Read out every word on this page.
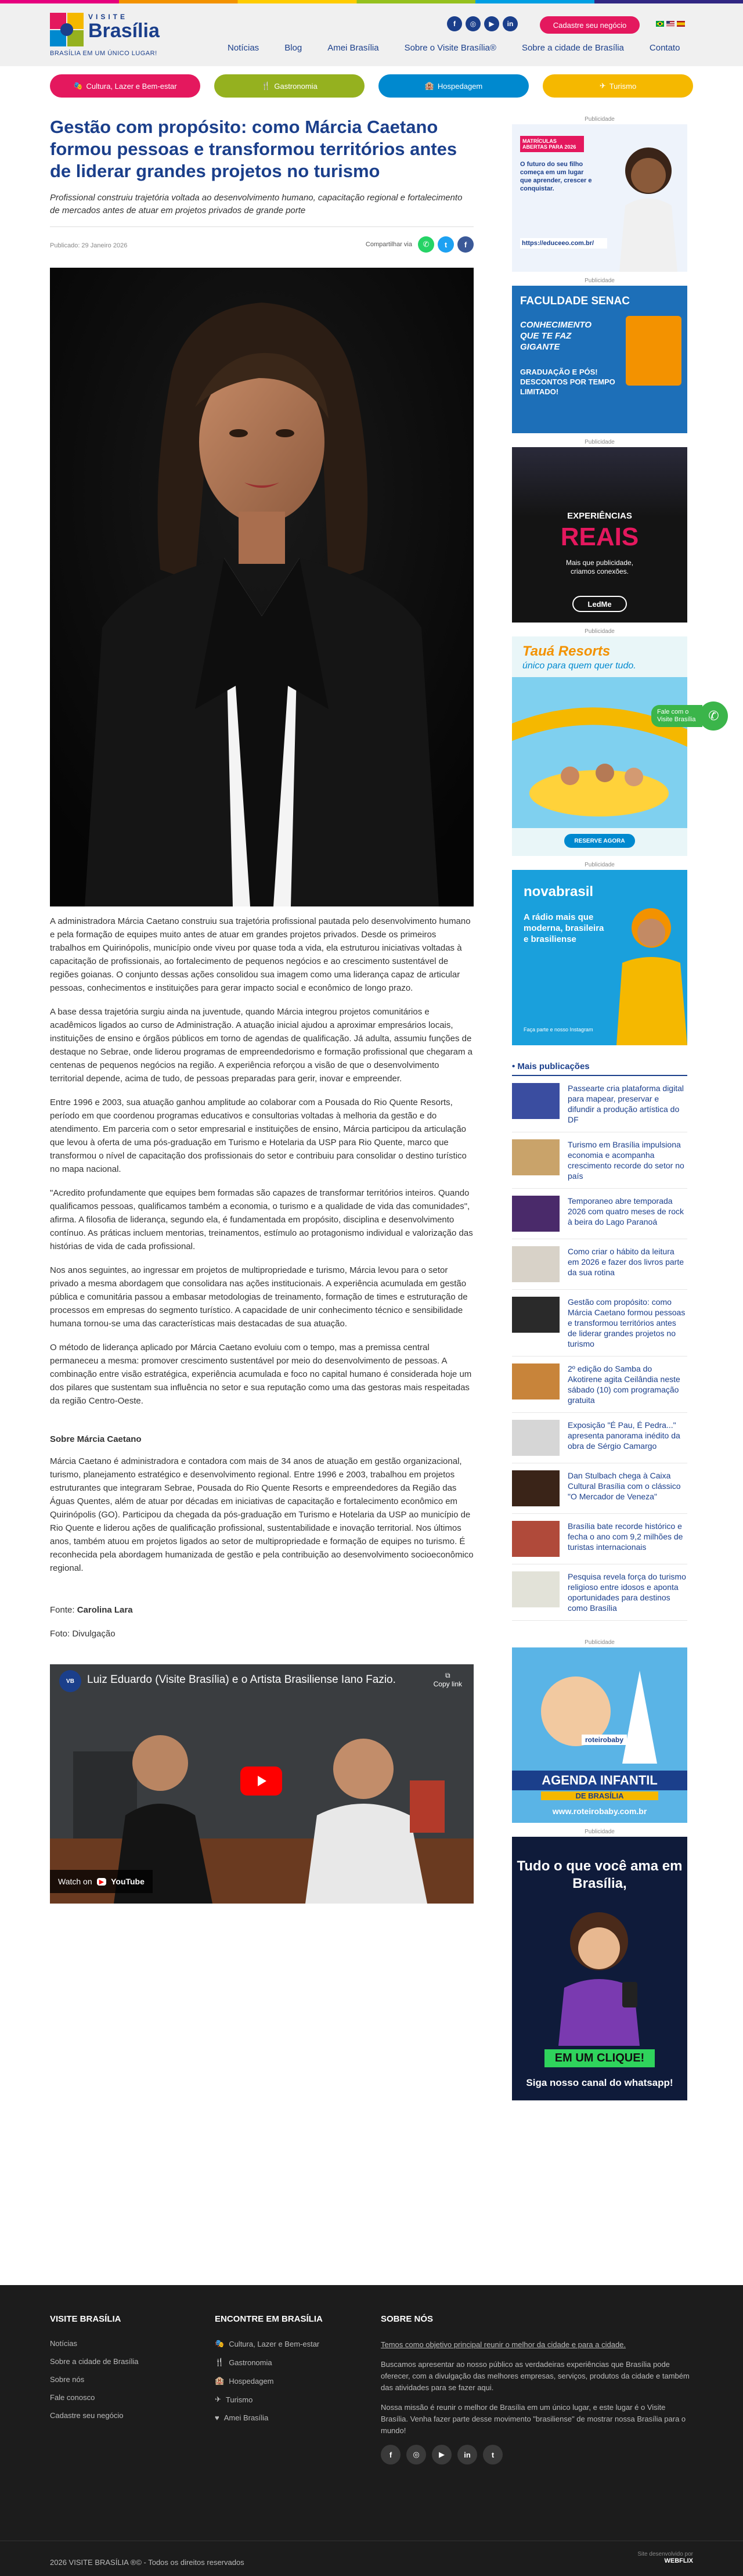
VISITE
Brasília
BRASÍLIA EM UM ÚNICO LUGAR!
f	◎	▶	in	Cadastre seu negócio
Notícias	Blog	Amei Brasília	Sobre o Visite Brasília®	Sobre a cidade de Brasília	Contato
🎭 Cultura, Lazer e Bem-estar	🍴 Gastronomia	🏨 Hospedagem	✈ Turismo
Gestão com propósito: como Márcia Caetano formou pessoas e transformou territórios antes de liderar grandes projetos no turismo

Profissional construiu trajetória voltada ao desenvolvimento humano, capacitação regional e fortalecimento de mercados antes de atuar em projetos privados de grande porte

Publicado: 29 Janeiro 2026	Compartilhar via	✆	t	f

A administradora Márcia Caetano construiu sua trajetória profissional pautada pelo desenvolvimento humano e pela formação de equipes muito antes de atuar em grandes projetos privados. Desde os primeiros trabalhos em Quirinópolis, município onde viveu por quase toda a vida, ela estruturou iniciativas voltadas à capacitação de profissionais, ao fortalecimento de pequenos negócios e ao crescimento sustentável de regiões goianas. O conjunto dessas ações consolidou sua imagem como uma liderança capaz de articular pessoas, conhecimentos e instituições para gerar impacto social e econômico de longo prazo.

A base dessa trajetória surgiu ainda na juventude, quando Márcia integrou projetos comunitários e acadêmicos ligados ao curso de Administração. A atuação inicial ajudou a aproximar empresários locais, instituições de ensino e órgãos públicos em torno de agendas de qualificação. Já adulta, assumiu funções de destaque no Sebrae, onde liderou programas de empreendedorismo e formação profissional que chegaram a centenas de pequenos negócios na região. A experiência reforçou a visão de que o desenvolvimento territorial depende, acima de tudo, de pessoas preparadas para gerir, inovar e empreender.

Entre 1996 e 2003, sua atuação ganhou amplitude ao colaborar com a Pousada do Rio Quente Resorts, período em que coordenou programas educativos e consultorias voltadas à melhoria da gestão e do atendimento. Em parceria com o setor empresarial e instituições de ensino, Márcia participou da articulação que levou à oferta de uma pós-graduação em Turismo e Hotelaria da USP para Rio Quente, marco que transformou o nível de capacitação dos profissionais do setor e contribuiu para consolidar o destino turístico no mapa nacional.

"Acredito profundamente que equipes bem formadas são capazes de transformar territórios inteiros. Quando qualificamos pessoas, qualificamos também a economia, o turismo e a qualidade de vida das comunidades", afirma. A filosofia de liderança, segundo ela, é fundamentada em propósito, disciplina e desenvolvimento contínuo. As práticas incluem mentorias, treinamentos, estímulo ao protagonismo individual e valorização das histórias de vida de cada profissional.

Nos anos seguintes, ao ingressar em projetos de multipropriedade e turismo, Márcia levou para o setor privado a mesma abordagem que consolidara nas ações institucionais. A experiência acumulada em gestão pública e comunitária passou a embasar metodologias de treinamento, formação de times e estruturação de processos em empresas do segmento turístico. A capacidade de unir conhecimento técnico e sensibilidade humana tornou-se uma das características mais destacadas de sua atuação.

O método de liderança aplicado por Márcia Caetano evoluiu com o tempo, mas a premissa central permaneceu a mesma: promover crescimento sustentável por meio do desenvolvimento de pessoas. A combinação entre visão estratégica, experiência acumulada e foco no capital humano é considerada hoje um dos pilares que sustentam sua influência no setor e sua reputação como uma das gestoras mais respeitadas da região Centro-Oeste.

Sobre Márcia Caetano

Márcia Caetano é administradora e contadora com mais de 34 anos de atuação em gestão organizacional, turismo, planejamento estratégico e desenvolvimento regional. Entre 1996 e 2003, trabalhou em projetos estruturantes que integraram Sebrae, Pousada do Rio Quente Resorts e empreendedores da Região das Águas Quentes, além de atuar por décadas em iniciativas de capacitação e fortalecimento econômico em Quirinópolis (GO). Participou da chegada da pós-graduação em Turismo e Hotelaria da USP ao município de Rio Quente e liderou ações de qualificação profissional, sustentabilidade e inovação territorial. Nos últimos anos, também atuou em projetos ligados ao setor de multipropriedade e formação de equipes no turismo. É reconhecida pela abordagem humanizada de gestão e pela contribuição ao desenvolvimento socioeconômico regional.

Fonte: Carolina Lara

Foto: Divulgação

VB	Luiz Eduardo (Visite Brasília) e o Artista Brasiliense Iano Fazio.	⧉
Copy link
Watch on	▶ YouTube
Publicidade
MATRÍCULAS ABERTAS PARA 2026
O futuro do seu filho começa em um lugar que aprender, crescer e conquistar.
https://educeeo.com.br/
Publicidade
FACULDADE SENAC
CONHECIMENTO QUE TE FAZ GIGANTE
GRADUAÇÃO E PÓS! DESCONTOS POR TEMPO LIMITADO!
Publicidade
EXPERIÊNCIAS
REAIS
Mais que publicidade, criamos conexões.
LedMe
Publicidade
Tauá Resorts
único para quem quer tudo.
RESERVE AGORA
Publicidade
novabrasil
A rádio mais que moderna, brasileira e brasiliense
Faça parte e nosso Instagram
• Mais publicações
Passearte cria plataforma digital para mapear, preservar e difundir a produção artística do DF
Turismo em Brasília impulsiona economia e acompanha crescimento recorde do setor no país
Temporaneo abre temporada 2026 com quatro meses de rock à beira do Lago Paranoá
Como criar o hábito da leitura em 2026 e fazer dos livros parte da sua rotina
Gestão com propósito: como Márcia Caetano formou pessoas e transformou territórios antes de liderar grandes projetos no turismo
2º edição do Samba do Akotirene agita Ceilândia neste sábado (10) com programação gratuita
Exposição "É Pau, É Pedra..." apresenta panorama inédito da obra de Sérgio Camargo
Dan Stulbach chega à Caixa Cultural Brasília com o clássico "O Mercador de Veneza"
Brasília bate recorde histórico e fecha o ano com 9,2 milhões de turistas internacionais
Pesquisa revela força do turismo religioso entre idosos e aponta oportunidades para destinos como Brasília
Publicidade
roteirobaby
AGENDA INFANTIL
DE BRASÍLIA
www.roteirobaby.com.br
Publicidade
Tudo o que você ama em Brasília,
EM UM CLIQUE!
Siga nosso canal do whatsapp!
Fale com o
Visite Brasília ✆
VISITE BRASÍLIA
Notícias
Sobre a cidade de Brasília
Sobre nós
Fale conosco
Cadastre seu negócio
ENCONTRE EM BRASÍLIA
🎭 Cultura, Lazer e Bem-estar
🍴 Gastronomia
🏨 Hospedagem
✈ Turismo
♥ Amei Brasília
SOBRE NÓS

Temos como objetivo principal reunir o melhor da cidade e para a cidade.

Buscamos apresentar ao nosso público as verdadeiras experiências que Brasília pode oferecer, com a divulgação das melhores empresas, serviços, produtos da cidade e também das atividades para se fazer aqui.

Nossa missão é reunir o melhor de Brasília em um único lugar, e este lugar é o Visite Brasília. Venha fazer parte desse movimento "brasiliense" de mostrar nossa Brasília para o mundo!

f	◎	▶	in	t
2026 VISITE BRASÍLIA ®© - Todos os direitos reservados
Site desenvolvido por
WEBFLIX
